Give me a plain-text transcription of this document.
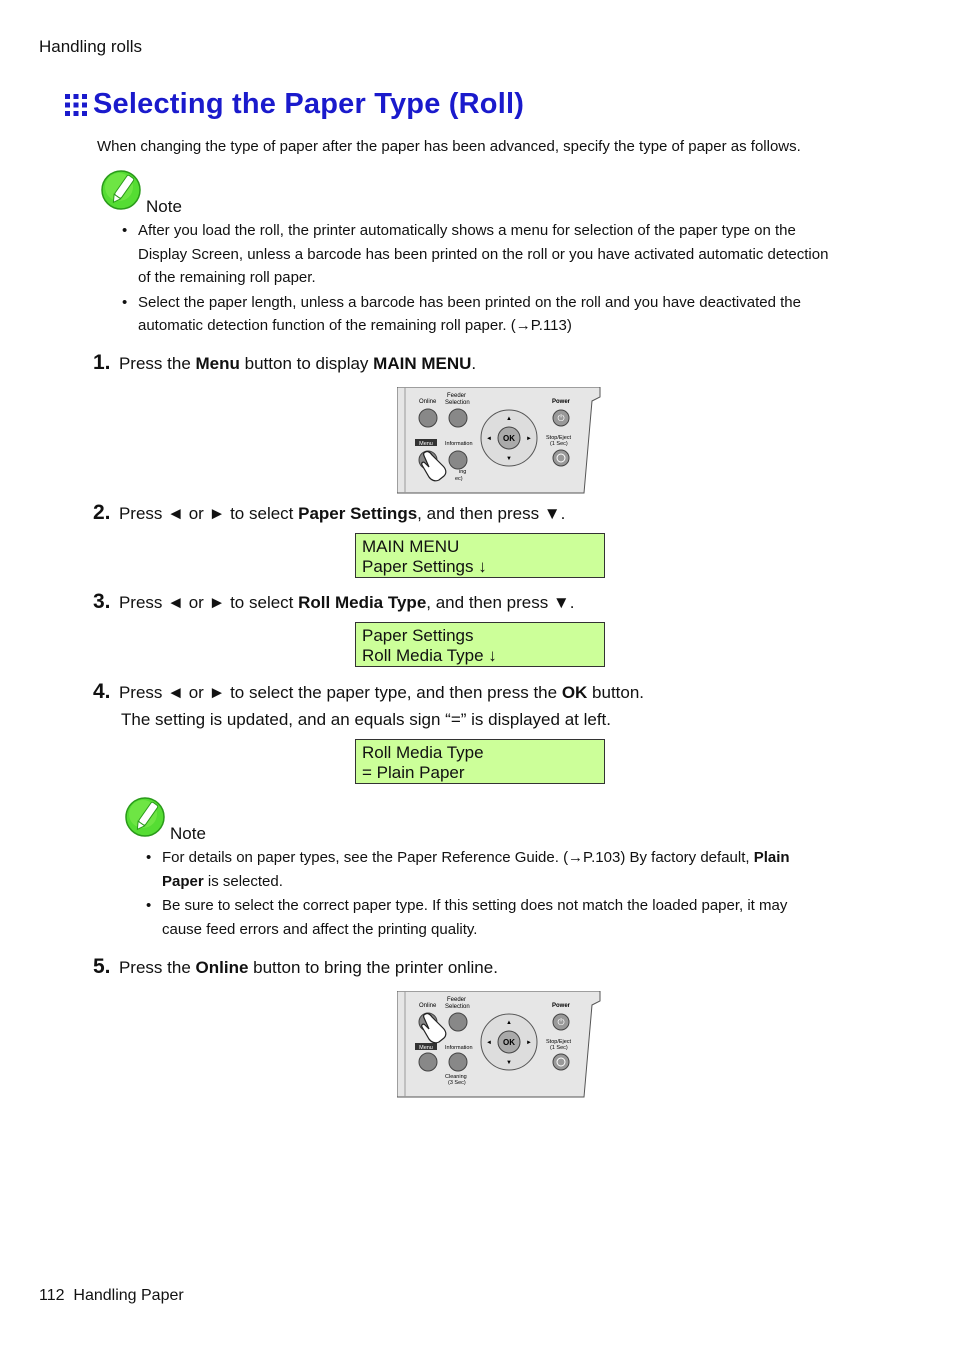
Handling rolls
Selecting the Paper Type (Roll)
When changing the type of paper after the paper has been advanced, specify the type of paper as follows.
Note
• After you load the roll, the printer automatically shows a menu for selection of the paper type on the
Display Screen, unless a barcode has been printed on the roll or you have activated automatic detection
of the remaining roll paper.
• Select the paper length, unless a barcode has been printed on the roll and you have deactivated the
automatic detection function of the remaining roll paper. (→P.113)
1. Press the Menu button to display MAIN MENU.
Online
Feeder
Selection	Power
⏻
Menu Information
OK
▲
▼
◄	►	Stop/Eject
(1 Sec)
ing
ec)
2. Press ◄ or ► to select Paper Settings, and then press ▼.
MAIN MENU
Paper Settings ↓
3. Press ◄ or ► to select Roll Media Type, and then press ▼.
Paper Settings
Roll Media Type ↓
4. Press ◄ or ► to select the paper type, and then press the OK button.
The setting is updated, and an equals sign “=” is displayed at left.
Roll Media Type
= Plain Paper
Note
• For details on paper types, see the Paper Reference Guide. (→P.103) By factory default, Plain
Paper is selected.
• Be sure to select the correct paper type. If this setting does not match the loaded paper, it may
cause feed errors and affect the printing quality.
5. Press the Online button to bring the printer online.
Online
Feeder
Selection	Power
⏻
Menu Information
OK
▲
▼
◄	►	Stop/Eject
(1 Sec)
Cleaning
(3 Sec)
112 Handling Paper
